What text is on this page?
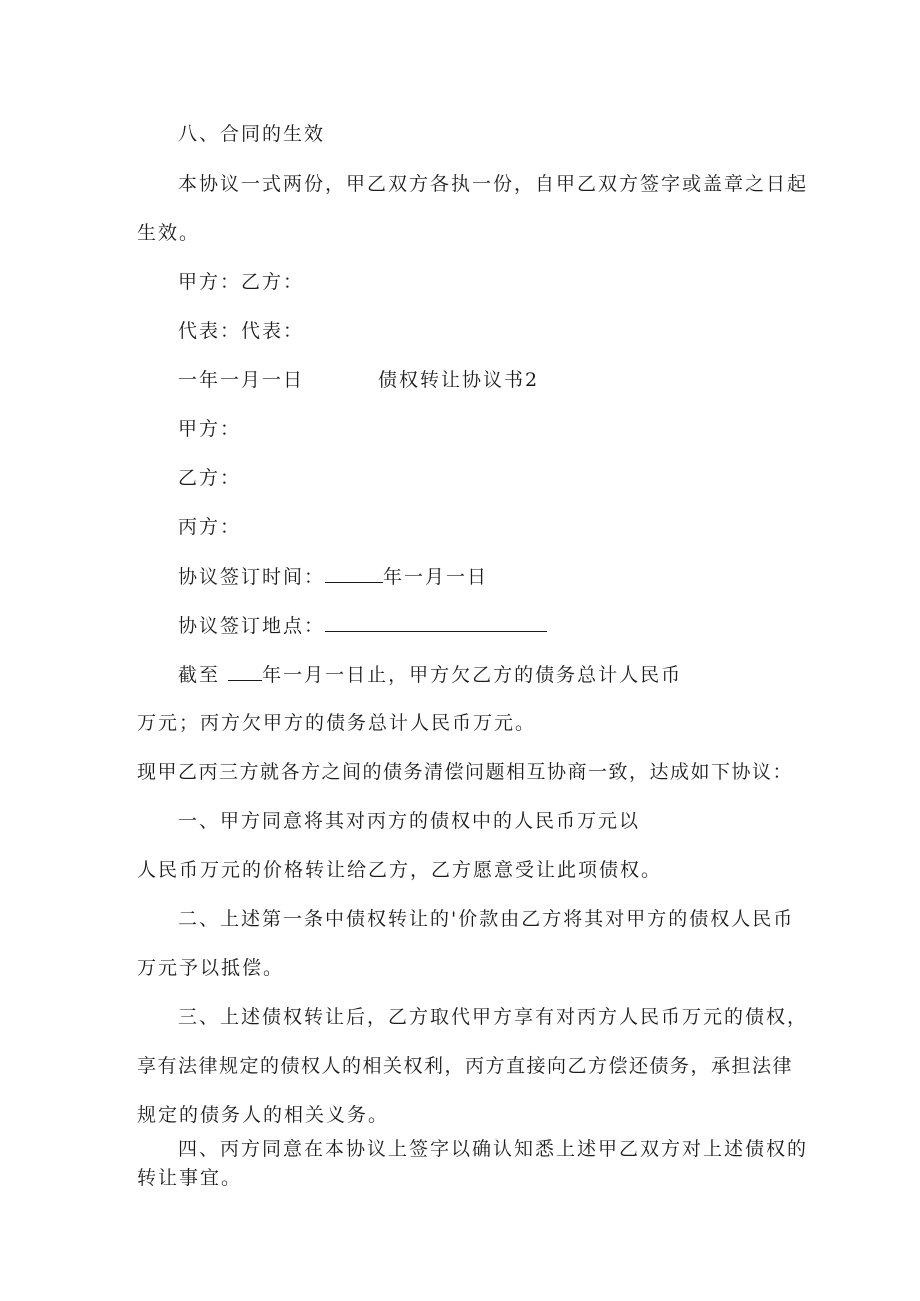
八、合同的生效
本协议一式两份，甲乙双方各执一份，自甲乙双方签字或盖章之日起
生效。
甲方：乙方：
代表：代表：
一年一月一日	债权转让协议书2
甲方：
乙方：
丙方：
协议签订时间：	年一月一日
协议签订地点：
截至 年一月一日止，甲方欠乙方的债务总计人民币
万元；丙方欠甲方的债务总计人民币万元。
现甲乙丙三方就各方之间的债务清偿问题相互协商一致，达成如下协议：
一、甲方同意将其对丙方的债权中的人民币万元以
人民币万元的价格转让给乙方，乙方愿意受让此项债权。
二、上述第一条中债权转让的'价款由乙方将其对甲方的债权人民币
万元予以抵偿。
三、上述债权转让后，乙方取代甲方享有对丙方人民币万元的债权，
享有法律规定的债权人的相关权利，丙方直接向乙方偿还债务，承担法律
规定的债务人的相关义务。
四、丙方同意在本协议上签字以确认知悉上述甲乙双方对上述债权的
转让事宜。
